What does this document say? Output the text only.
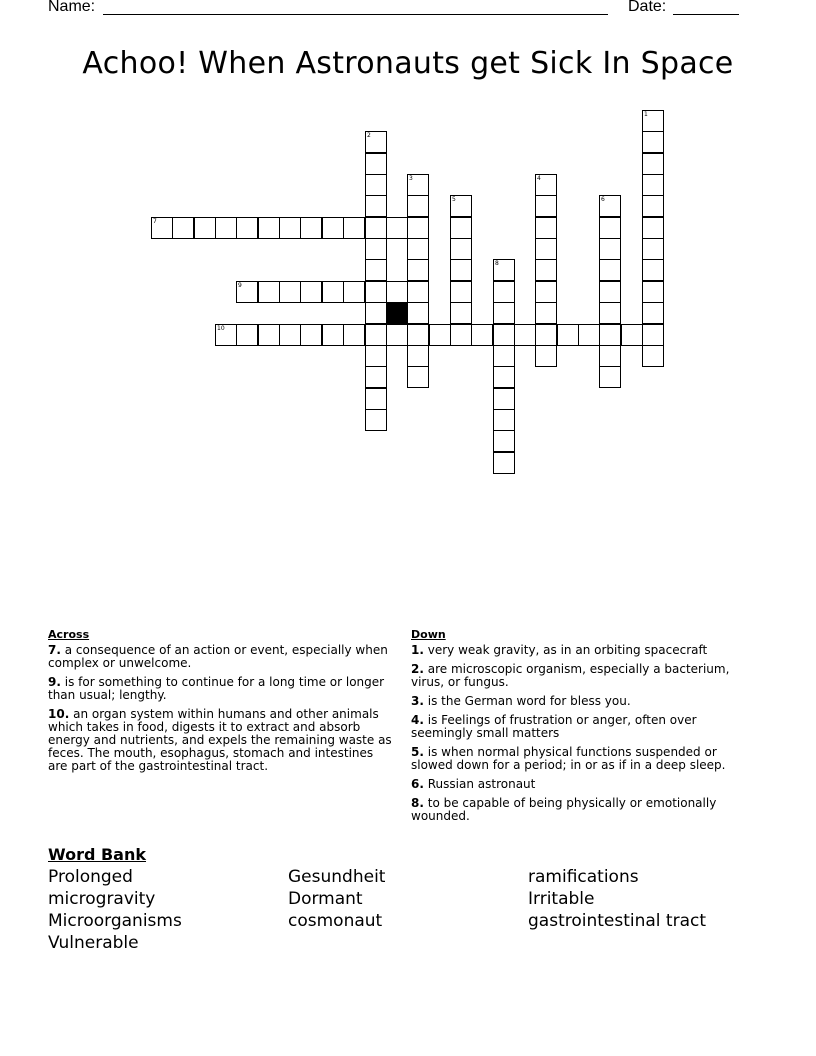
Name:	Date:
Achoo! When Astronauts get Sick In Space
1
2
3	4
5	6
7
8
9
10
Across
7. a consequence of an action or event, especially when complex or unwelcome.
9. is for something to continue for a long time or longer than usual; lengthy.
10. an organ system within humans and other animals which takes in food, digests it to extract and absorb energy and nutrients, and expels the remaining waste as feces. The mouth, esophagus, stomach and intestines are part of the gastrointestinal tract.
Down
1. very weak gravity, as in an orbiting spacecraft
2. are microscopic organism, especially a bacterium, virus, or fungus.
3. is the German word for bless you.
4. is Feelings of frustration or anger, often over seemingly small matters
5. is when normal physical functions suspended or slowed down for a period; in or as if in a deep sleep.
6. Russian astronaut
8. to be capable of being physically or emotionally wounded.
Word Bank
Prolonged	Gesundheit	ramifications
microgravity	Dormant	Irritable
Microorganisms	cosmonaut	gastrointestinal tract
Vulnerable
